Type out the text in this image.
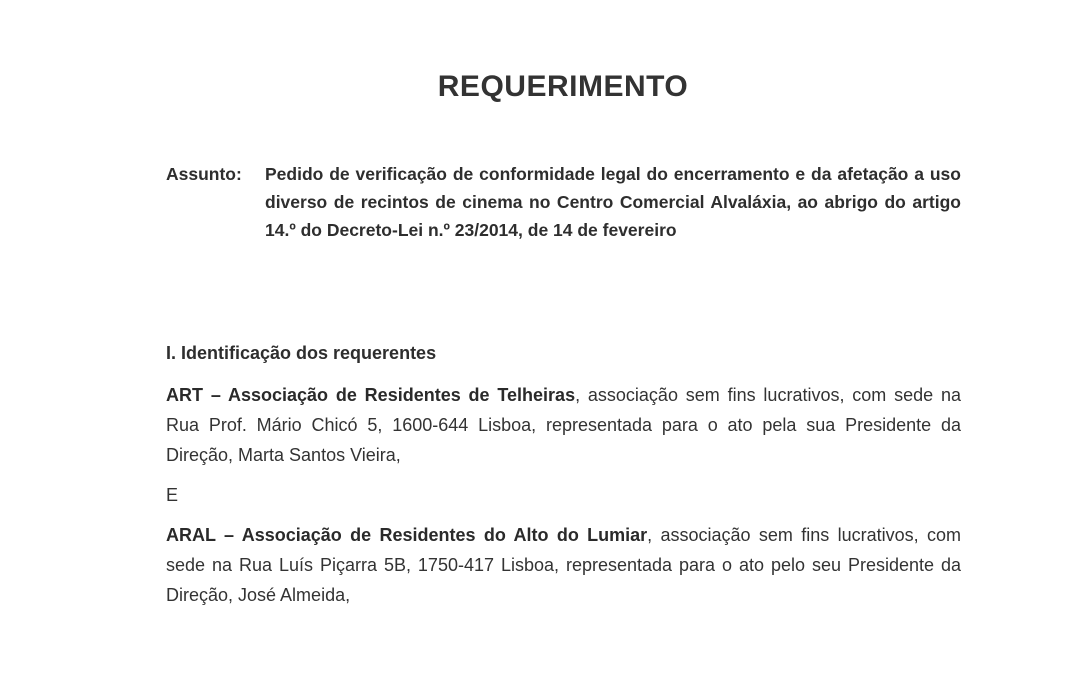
REQUERIMENTO
Assunto:	Pedido de verificação de conformidade legal do encerramento e da afetação a uso diverso de recintos de cinema no Centro Comercial Alvaláxia, ao abrigo do artigo 14.º do Decreto-Lei n.º 23/2014, de 14 de fevereiro
I. Identificação dos requerentes
ART – Associação de Residentes de Telheiras, associação sem fins lucrativos, com sede na Rua Prof. Mário Chicó 5, 1600-644 Lisboa, representada para o ato pela sua Presidente da Direção, Marta Santos Vieira,
E
ARAL – Associação de Residentes do Alto do Lumiar, associação sem fins lucrativos, com sede na Rua Luís Piçarra 5B, 1750-417 Lisboa, representada para o ato pelo seu Presidente da Direção, José Almeida,
